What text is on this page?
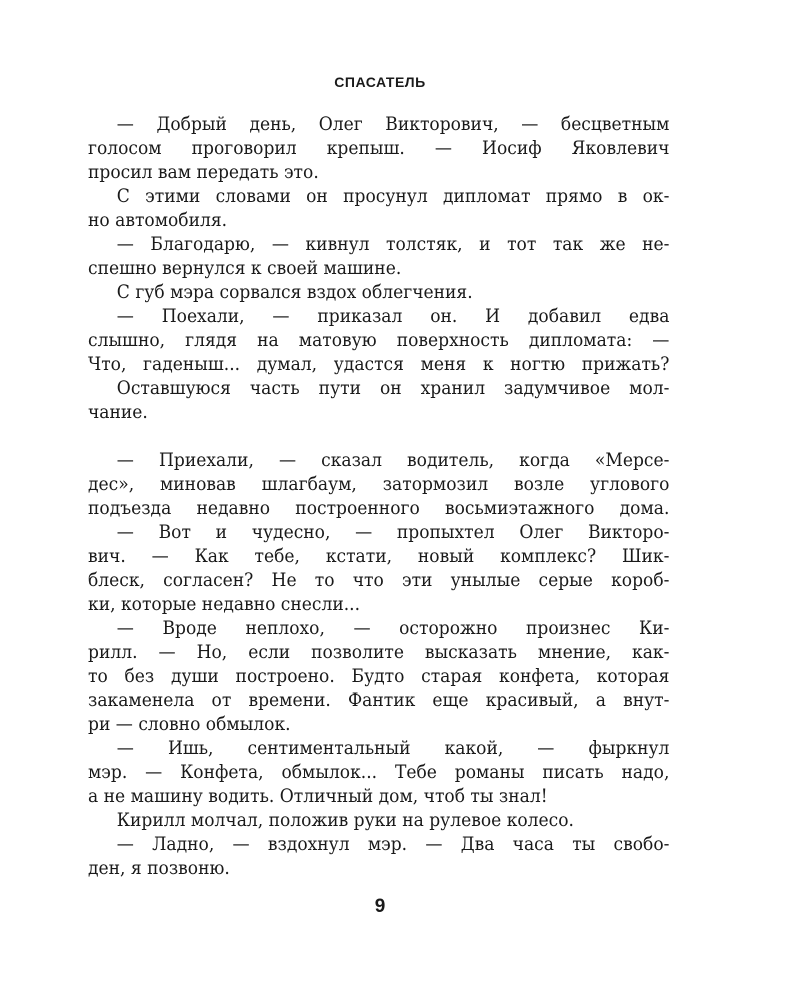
СПАСАТЕЛЬ
— Добрый день, Олег Викторович, — бесцветным
голосом проговорил крепыш. — Иосиф Яковлевич
просил вам передать это.
С этими словами он просунул дипломат прямо в ок-
но автомобиля.
— Благодарю, — кивнул толстяк, и тот так же не-
спешно вернулся к своей машине.
С губ мэра сорвался вздох облегчения.
— Поехали, — приказал он. И добавил едва
слышно, глядя на матовую поверхность дипломата: —
Что, гаденыш... думал, удастся меня к ногтю прижать?
Оставшуюся часть пути он хранил задумчивое мол-
чание.
— Приехали, — сказал водитель, когда «Мерсе-
дес», миновав шлагбаум, затормозил возле углового
подъезда недавно построенного восьмиэтажного дома.
— Вот и чудесно, — пропыхтел Олег Викторо-
вич. — Как тебе, кстати, новый комплекс? Шик-
блеск, согласен? Не то что эти унылые серые короб-
ки, которые недавно снесли...
— Вроде неплохо, — осторожно произнес Ки-
рилл. — Но, если позволите высказать мнение, как-
то без души построено. Будто старая конфета, которая
закаменела от времени. Фантик еще красивый, а внут-
ри — словно обмылок.
— Ишь, сентиментальный какой, — фыркнул
мэр. — Конфета, обмылок... Тебе романы писать надо,
а не машину водить. Отличный дом, чтоб ты знал!
Кирилл молчал, положив руки на рулевое колесо.
— Ладно, — вздохнул мэр. — Два часа ты свобо-
ден, я позвоню.
9
